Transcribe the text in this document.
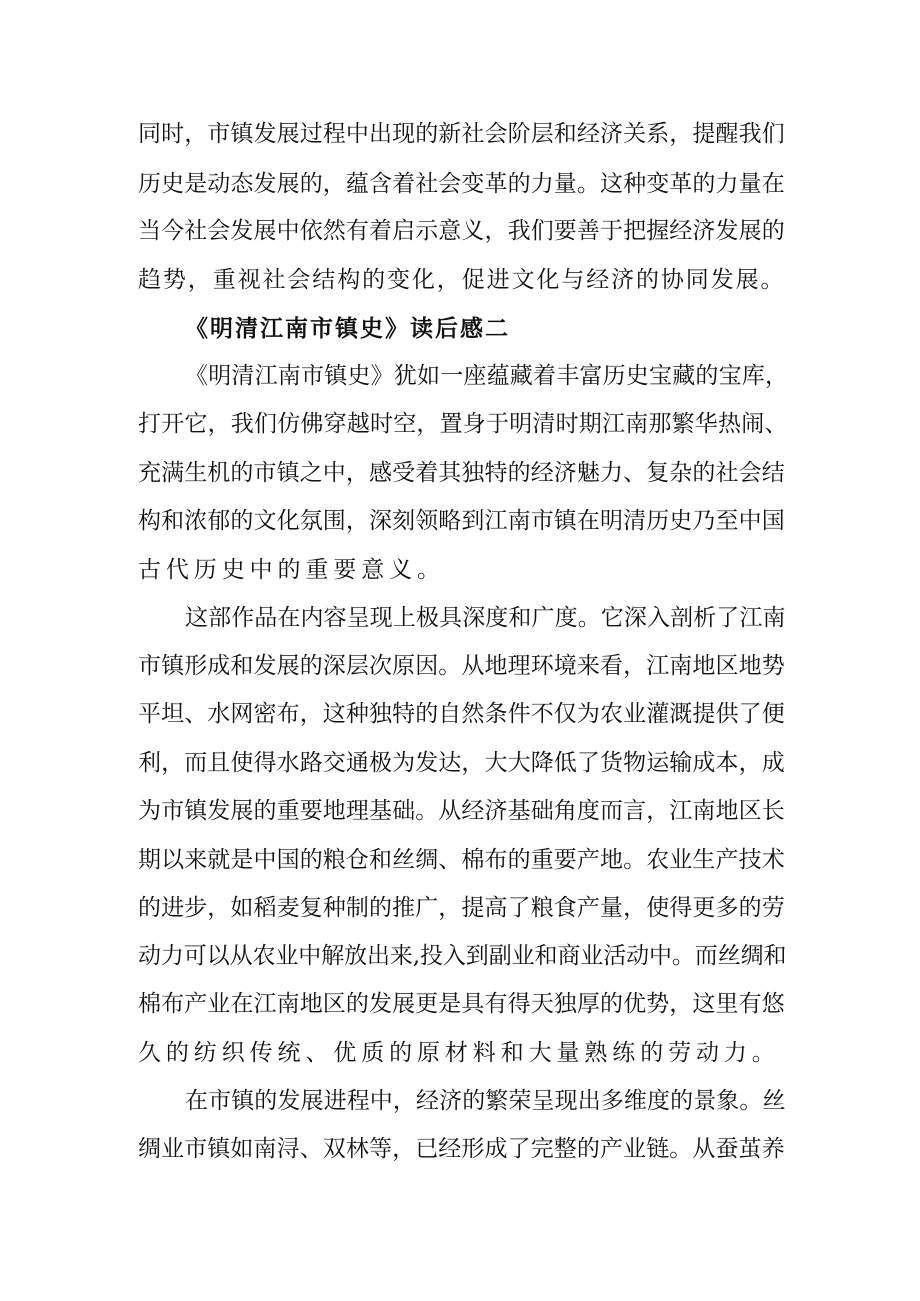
同时，市镇发展过程中出现的新社会阶层和经济关系，提醒我们
历史是动态发展的，蕴含着社会变革的力量。这种变革的力量在
当今社会发展中依然有着启示意义，我们要善于把握经济发展的
趋势，重视社会结构的变化，促进文化与经济的协同发展。
《明清江南市镇史》读后感二
《明清江南市镇史》犹如一座蕴藏着丰富历史宝藏的宝库，
打开它，我们仿佛穿越时空，置身于明清时期江南那繁华热闹、
充满生机的市镇之中，感受着其独特的经济魅力、复杂的社会结
构和浓郁的文化氛围，深刻领略到江南市镇在明清历史乃至中国
古代历史中的重要意义。
这部作品在内容呈现上极具深度和广度。它深入剖析了江南
市镇形成和发展的深层次原因。从地理环境来看，江南地区地势
平坦、水网密布，这种独特的自然条件不仅为农业灌溉提供了便
利，而且使得水路交通极为发达，大大降低了货物运输成本，成
为市镇发展的重要地理基础。从经济基础角度而言，江南地区长
期以来就是中国的粮仓和丝绸、棉布的重要产地。农业生产技术
的进步，如稻麦复种制的推广，提高了粮食产量，使得更多的劳
动力可以从农业中解放出来,投入到副业和商业活动中。而丝绸和
棉布产业在江南地区的发展更是具有得天独厚的优势，这里有悠
久的纺织传统、优质的原材料和大量熟练的劳动力。
在市镇的发展进程中，经济的繁荣呈现出多维度的景象。丝
绸业市镇如南浔、双林等，已经形成了完整的产业链。从蚕茧养
